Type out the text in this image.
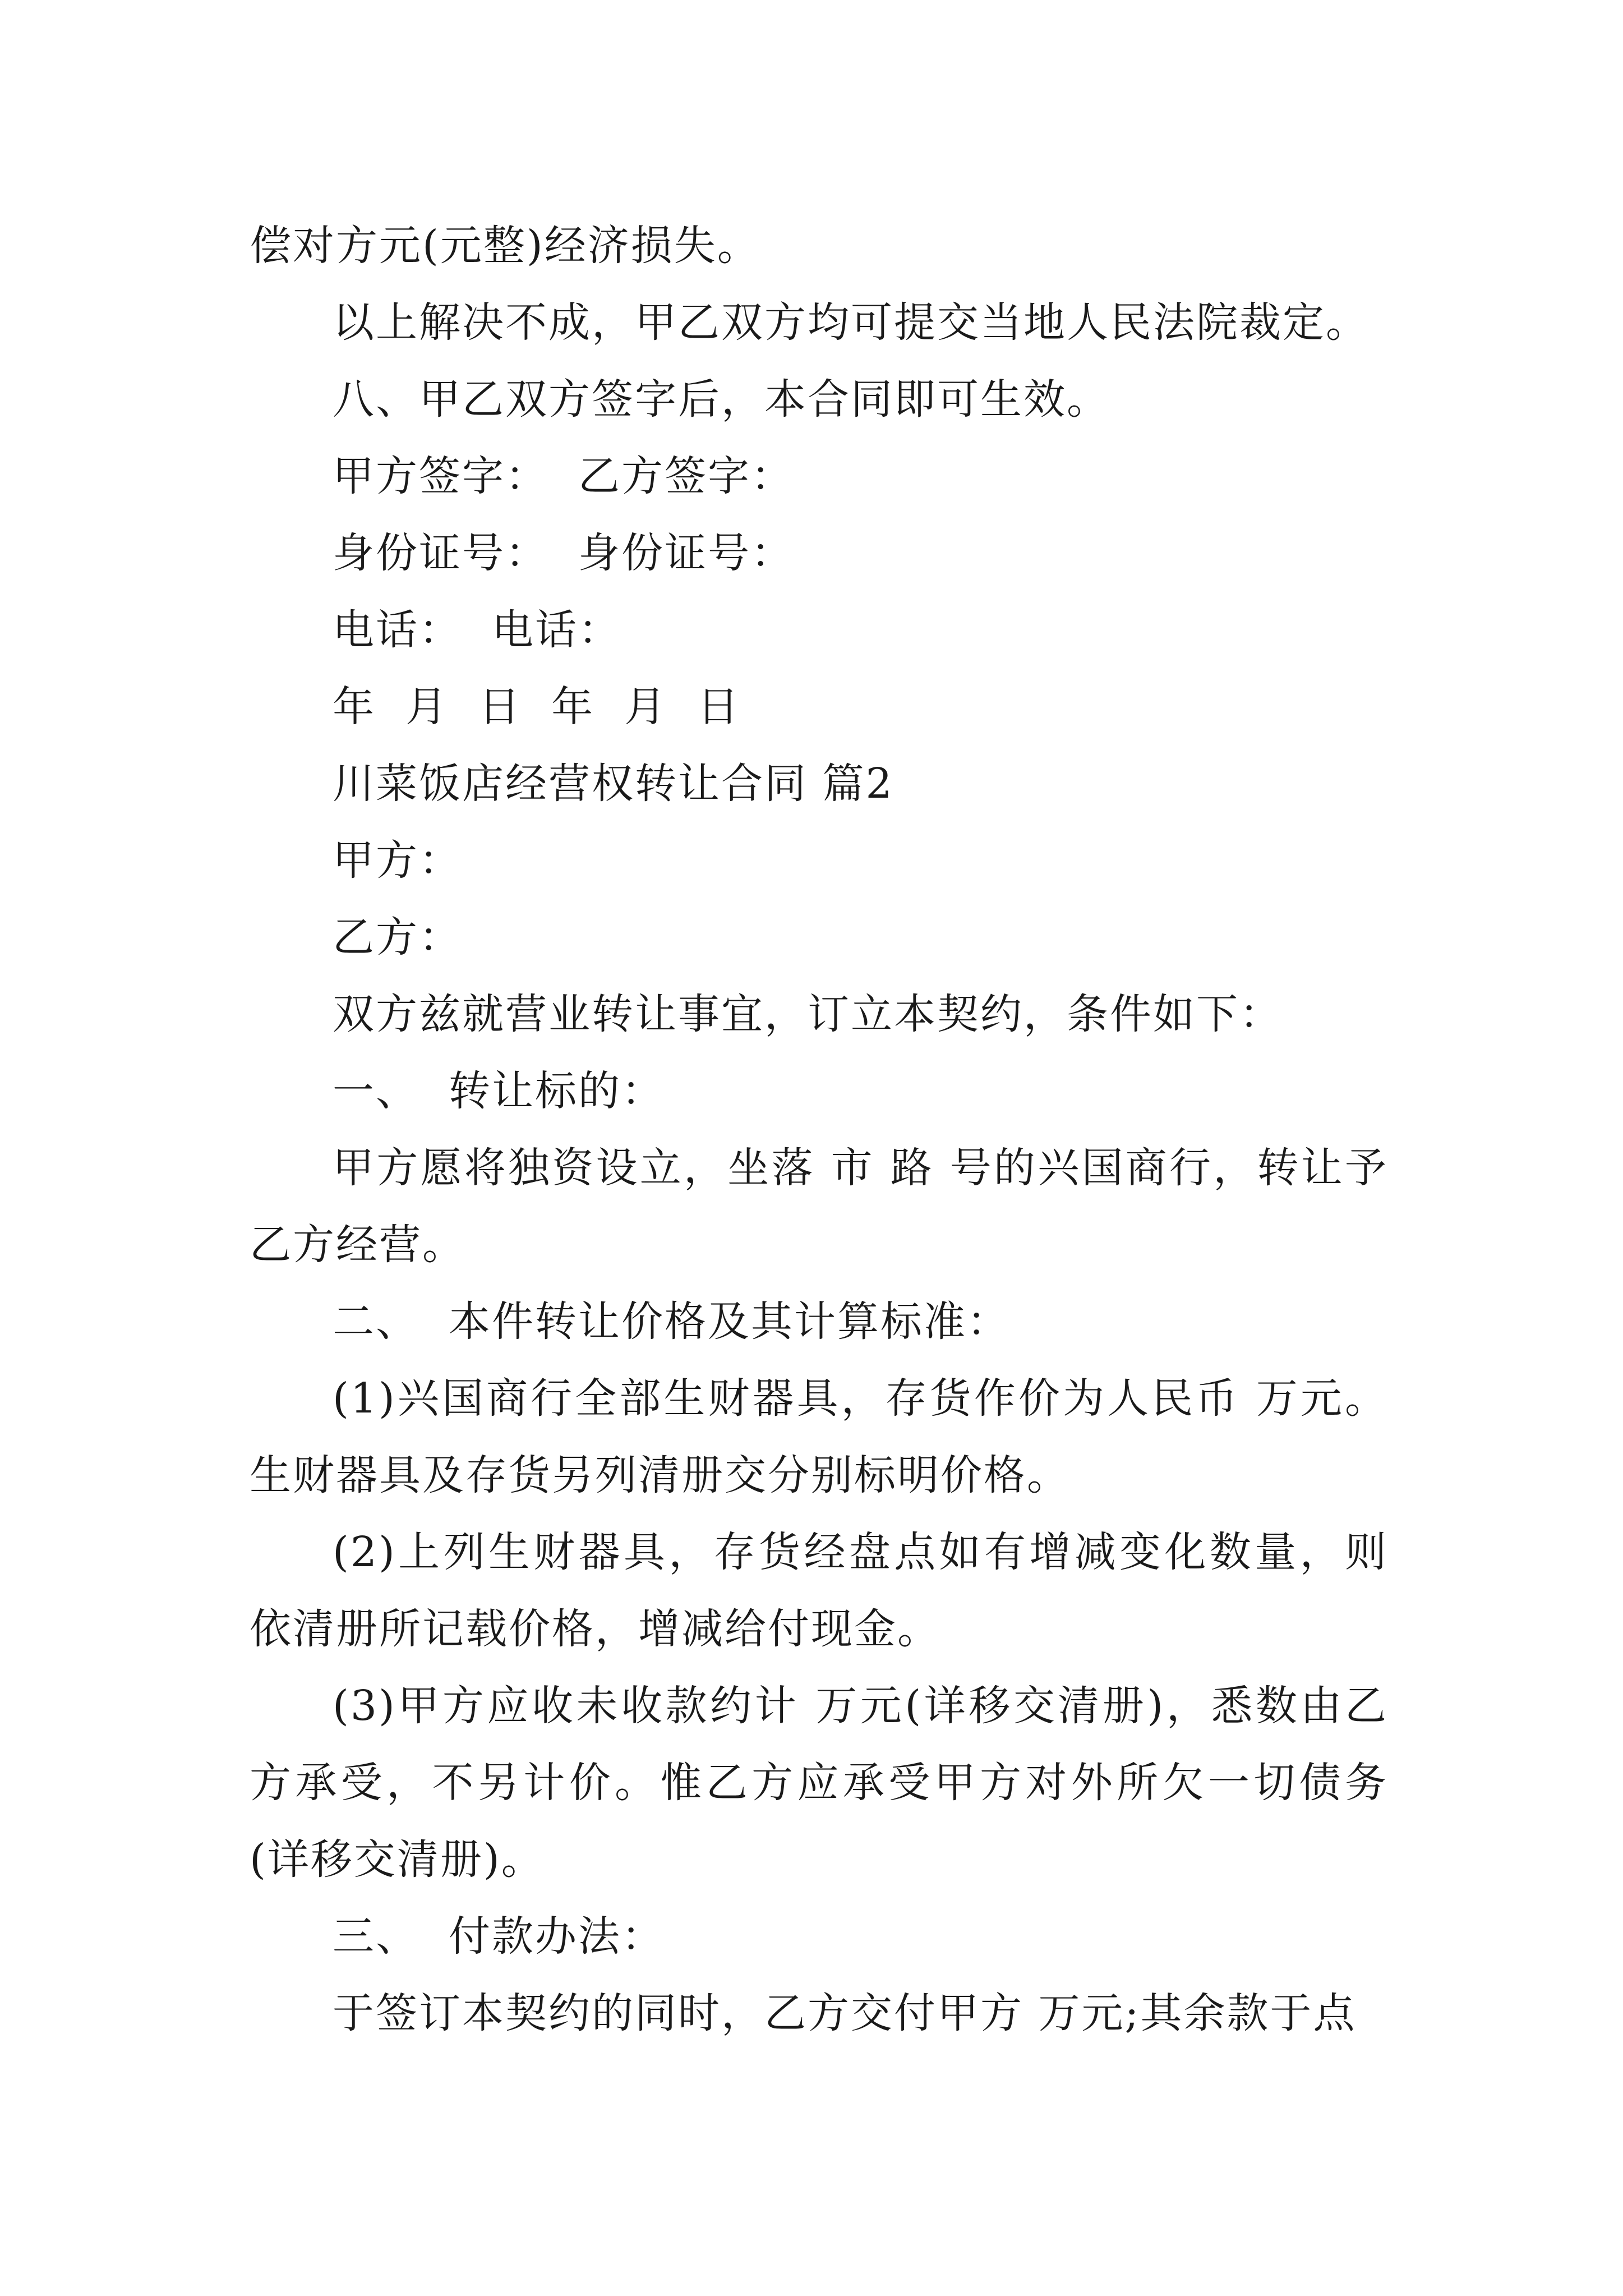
偿对方元(元整)经济损失。

以上解决不成，甲乙双方均可提交当地人民法院裁定。

八、甲乙双方签字后，本合同即可生效。

甲方签字：  乙方签字：

身份证号：  身份证号：

电话：  电话：

年  月  日  年  月  日

川菜饭店经营权转让合同 篇2

甲方：

乙方：

双方兹就营业转让事宜，订立本契约，条件如下：

一、  转让标的：

甲方愿将独资设立，坐落 市 路 号的兴国商行，转让予乙方经营。

二、  本件转让价格及其计算标准：

(1)兴国商行全部生财器具，存货作价为人民币 万元。生财器具及存货另列清册交分别标明价格。

(2)上列生财器具，存货经盘点如有增减变化数量，则依清册所记载价格，增减给付现金。

(3)甲方应收未收款约计 万元(详移交清册)，悉数由乙方承受，不另计价。惟乙方应承受甲方对外所欠一切债务(详移交清册)。

三、  付款办法：

于签订本契约的同时，乙方交付甲方 万元;其余款于点
